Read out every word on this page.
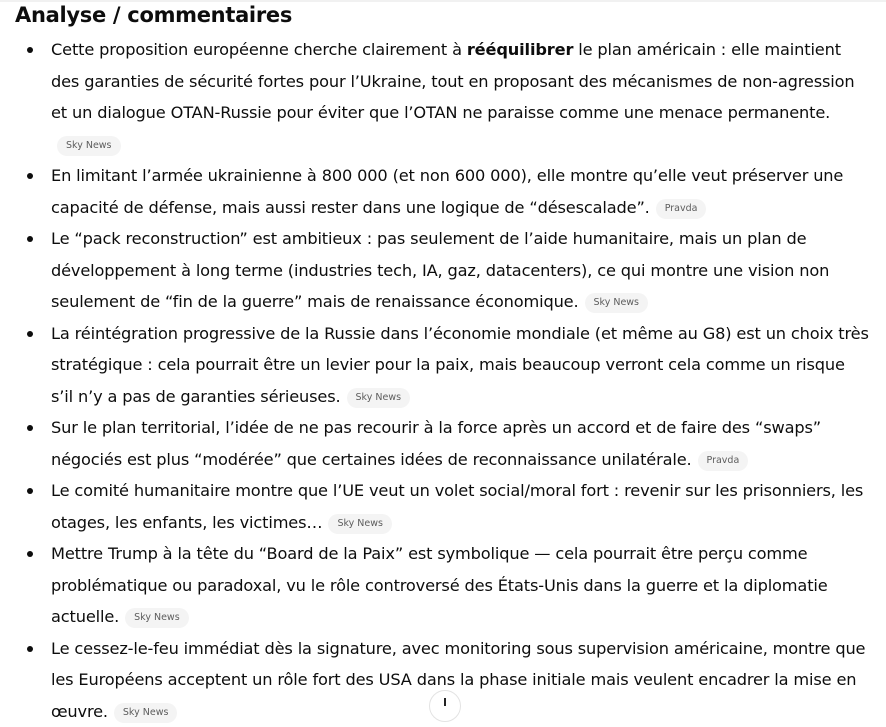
Analyse / commentaires
Cette proposition européenne cherche clairement à rééquilibrer le plan américain : elle maintient des garanties de sécurité fortes pour l’Ukraine, tout en proposant des mécanismes de non-agression et un dialogue OTAN-Russie pour éviter que l’OTAN ne paraisse comme une menace permanente.Sky News
En limitant l’armée ukrainienne à 800 000 (et non 600 000), elle montre qu’elle veut préserver une capacité de défense, mais aussi rester dans une logique de “désescalade”. Pravda
Le “pack reconstruction” est ambitieux : pas seulement de l’aide humanitaire, mais un plan de développement à long terme (industries tech, IA, gaz, datacenters), ce qui montre une vision non seulement de “fin de la guerre” mais de renaissance économique. Sky News
La réintégration progressive de la Russie dans l’économie mondiale (et même au G8) est un choix très stratégique : cela pourrait être un levier pour la paix, mais beaucoup verront cela comme un risque s’il n’y a pas de garanties sérieuses. Sky News
Sur le plan territorial, l’idée de ne pas recourir à la force après un accord et de faire des “swaps” négociés est plus “modérée” que certaines idées de reconnaissance unilatérale. Pravda
Le comité humanitaire montre que l’UE veut un volet social/moral fort : revenir sur les prisonniers, les otages, les enfants, les victimes… Sky News
Mettre Trump à la tête du “Board de la Paix” est symbolique — cela pourrait être perçu comme problématique ou paradoxal, vu le rôle controversé des États-Unis dans la guerre et la diplomatie actuelle. Sky News
Le cessez-le-feu immédiat dès la signature, avec monitoring sous supervision américaine, montre que les Européens acceptent un rôle fort des USA dans la phase initiale mais veulent encadrer la mise en œuvre. Sky News
